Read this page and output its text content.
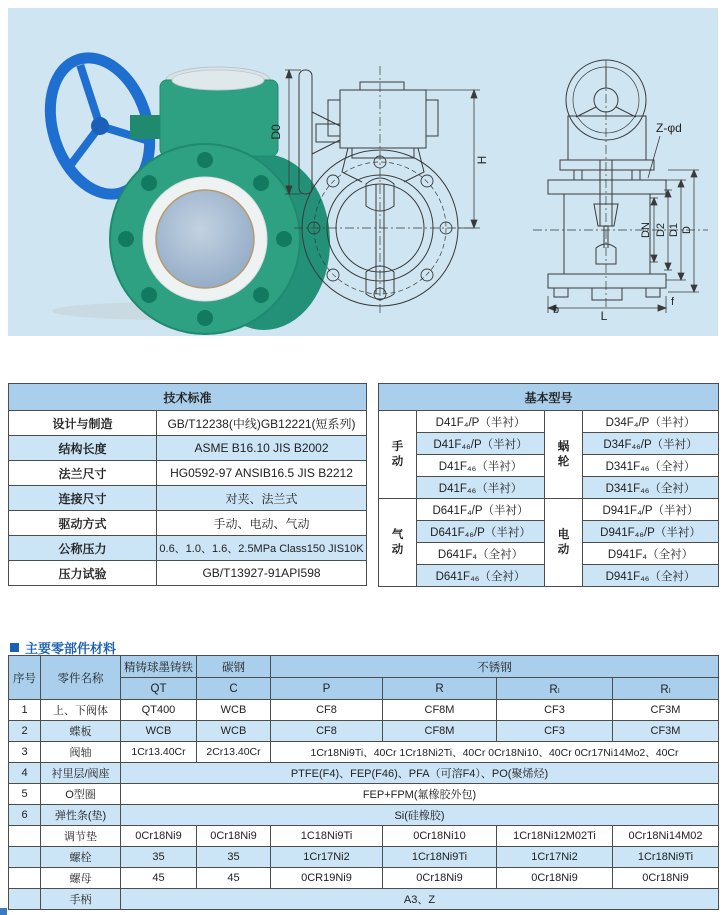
D0
H
DN D2 D1 D
Z-φd
L
b
f
技术标准	
设计与制造	GB/T12238(中线)GB12221(短系列)
结构长度	ASME B16.10 JIS B2002
法兰尺寸	HG0592-97 ANSIB16.5 JIS B2212
连接尺寸	对夹、法兰式
驱动方式	手动、电动、气动
公称压力	0.6、1.0、1.6、2.5MPa Class150 JIS10K
压力试验	GB/T13927-91API598
基本型号			

手动	D41F₄/P（半衬）	蜗轮	D34F₄/P（半衬）
	D41F₄₆/P（半衬）		D34F₄₆/P（半衬）
	D41F₄₆（半衬）		D341F₄₆（全衬）
	D41F₄₆（半衬）		D341F₄₆（全衬）

气动	D641F₄/P（半衬）	电动	D941F₄/P（半衬）
	D641F₄₆/P（半衬）		D941F₄₆/P（半衬）
	D641F₄（全衬）		D941F₄（全衬）
	D641F₄₆（全衬）		D941F₄₆（全衬）
主要零部件材料
序号	零件名称	精铸球墨铸铁	碳钢	不锈钢			
		QT	C	P	R	Rₗ	Rₗ
1	上、下阀体	QT400	WCB	CF8	CF8M	CF3	CF3M
2	蝶板	WCB	WCB	CF8	CF8M	CF3	CF3M
3	阀轴	1Cr13.40Cr	2Cr13.40Cr	1Cr18Ni9Ti、40Cr 1Cr18Ni2Ti、40Cr 0Cr18Ni10、40Cr 0Cr17Ni14Mo2、40Cr			
4	衬里层/阀座	PTFE(F4)、FEP(F46)、PFA（可溶F4）、PO(聚烯烃)					
5	O型圈	FEP+FPM(氟橡胶外包)					
6	弹性条(垫)	Si(硅橡胶)					
	调节垫	0Cr18Ni9	0Cr18Ni9	1C18Ni9Ti	0Cr18Ni10	1Cr18Ni12M02Ti	0Cr18Ni14M02
	螺栓	35	35	1Cr17Ni2	1Cr18Ni9Ti	1Cr17Ni2	1Cr18Ni9Ti
	螺母	45	45	0CR19Ni9	0Cr18Ni9	0Cr18Ni9	0Cr18Ni9
	手柄	A3、Z					
